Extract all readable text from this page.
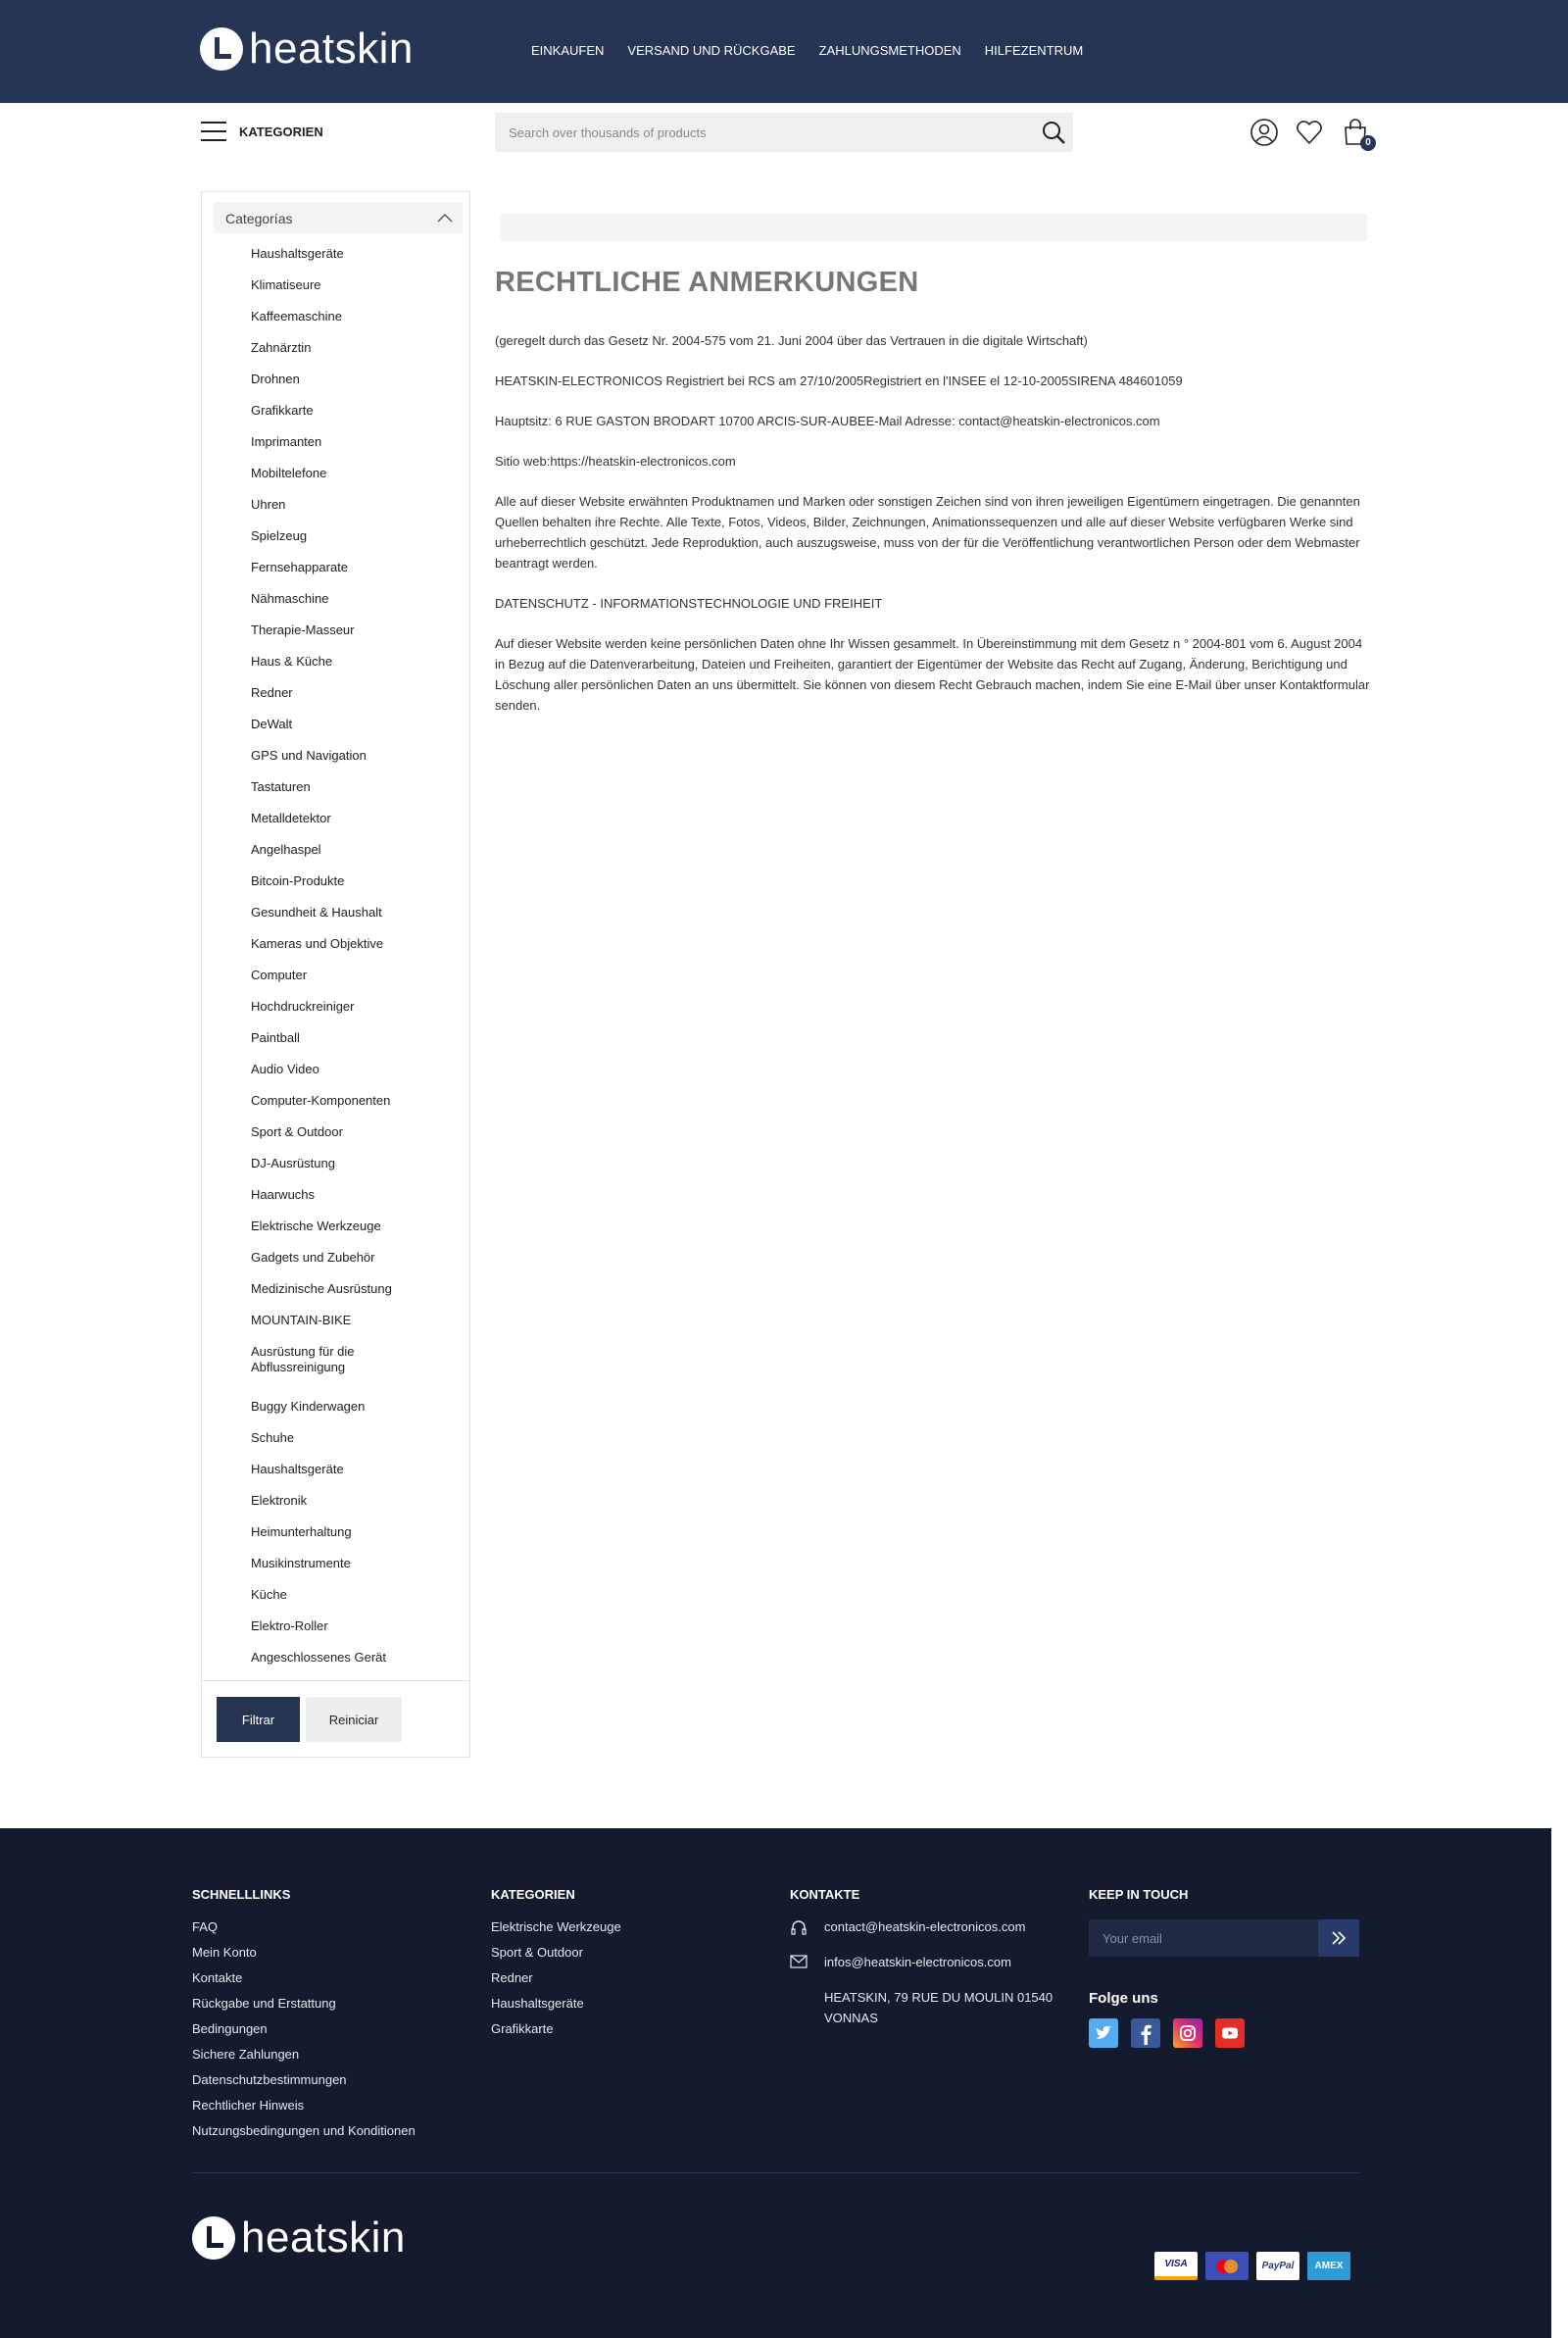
heatskin	EINKAUFEN VERSAND UND RÜCKGABE ZAHLUNGSMETHODEN HILFEZENTRUM
KATEGORIEN
Search over thousands of products
0
Categorías
Haushaltsgeräte
Klimatiseure
Kaffeemaschine
Zahnärztin
Drohnen
Grafikkarte
Imprimanten
Mobiltelefone
Uhren
Spielzeug
Fernsehapparate
Nähmaschine
Therapie-Masseur
Haus & Küche
Redner
DeWalt
GPS und Navigation
Tastaturen
Metalldetektor
Angelhaspel
Bitcoin-Produkte
Gesundheit & Haushalt
Kameras und Objektive
Computer
Hochdruckreiniger
Paintball
Audio Video
Computer-Komponenten
Sport & Outdoor
DJ-Ausrüstung
Haarwuchs
Elektrische Werkzeuge
Gadgets und Zubehör
Medizinische Ausrüstung
MOUNTAIN-BIKE
Ausrüstung für die Abflussreinigung
Buggy Kinderwagen
Schuhe
Haushaltsgeräte
Elektronik
Heimunterhaltung
Musikinstrumente
Küche
Elektro-Roller
Angeschlossenes Gerät
Filtrar	Reiniciar
RECHTLICHE ANMERKUNGEN

(geregelt durch das Gesetz Nr. 2004-575 vom 21. Juni 2004 über das Vertrauen in die digitale Wirtschaft)

HEATSKIN-ELECTRONICOS Registriert bei RCS am 27/10/2005Registriert en l'INSEE el 12-10-2005SIRENA 484601059

Hauptsitz: 6 RUE GASTON BRODART 10700 ARCIS-SUR-AUBEE-Mail Adresse: contact@heatskin-electronicos.com

Sitio web:https://heatskin-electronicos.com

Alle auf dieser Website erwähnten Produktnamen und Marken oder sonstigen Zeichen sind von ihren jeweiligen Eigentümern eingetragen. Die genannten Quellen behalten ihre Rechte. Alle Texte, Fotos, Videos, Bilder, Zeichnungen, Animationssequenzen und alle auf dieser Website verfügbaren Werke sind urheberrechtlich geschützt. Jede Reproduktion, auch auszugsweise, muss von der für die Veröffentlichung verantwortlichen Person oder dem Webmaster beantragt werden.

DATENSCHUTZ - INFORMATIONSTECHNOLOGIE UND FREIHEIT

Auf dieser Website werden keine persönlichen Daten ohne Ihr Wissen gesammelt. In Übereinstimmung mit dem Gesetz n ° 2004-801 vom 6. August 2004 in Bezug auf die Datenverarbeitung, Dateien und Freiheiten, garantiert der Eigentümer der Website das Recht auf Zugang, Änderung, Berichtigung und Löschung aller persönlichen Daten an uns übermittelt. Sie können von diesem Recht Gebrauch machen, indem Sie eine E-Mail über unser Kontaktformular senden.

SCHNELLLINKS
FAQ
Mein Konto
Kontakte
Rückgabe und Erstattung
Bedingungen
Sichere Zahlungen
Datenschutzbestimmungen
Rechtlicher Hinweis
Nutzungsbedingungen und Konditionen
KATEGORIEN
Elektrische Werkzeuge
Sport & Outdoor
Redner
Haushaltsgeräte
Grafikkarte
KONTAKTE
contact@heatskin-electronicos.com
infos@heatskin-electronicos.com
HEATSKIN, 79 RUE DU MOULIN 01540 VONNAS
KEEP IN TOUCH
Your email
Folge uns
heatskin
VISA	PayPal	AMEX
